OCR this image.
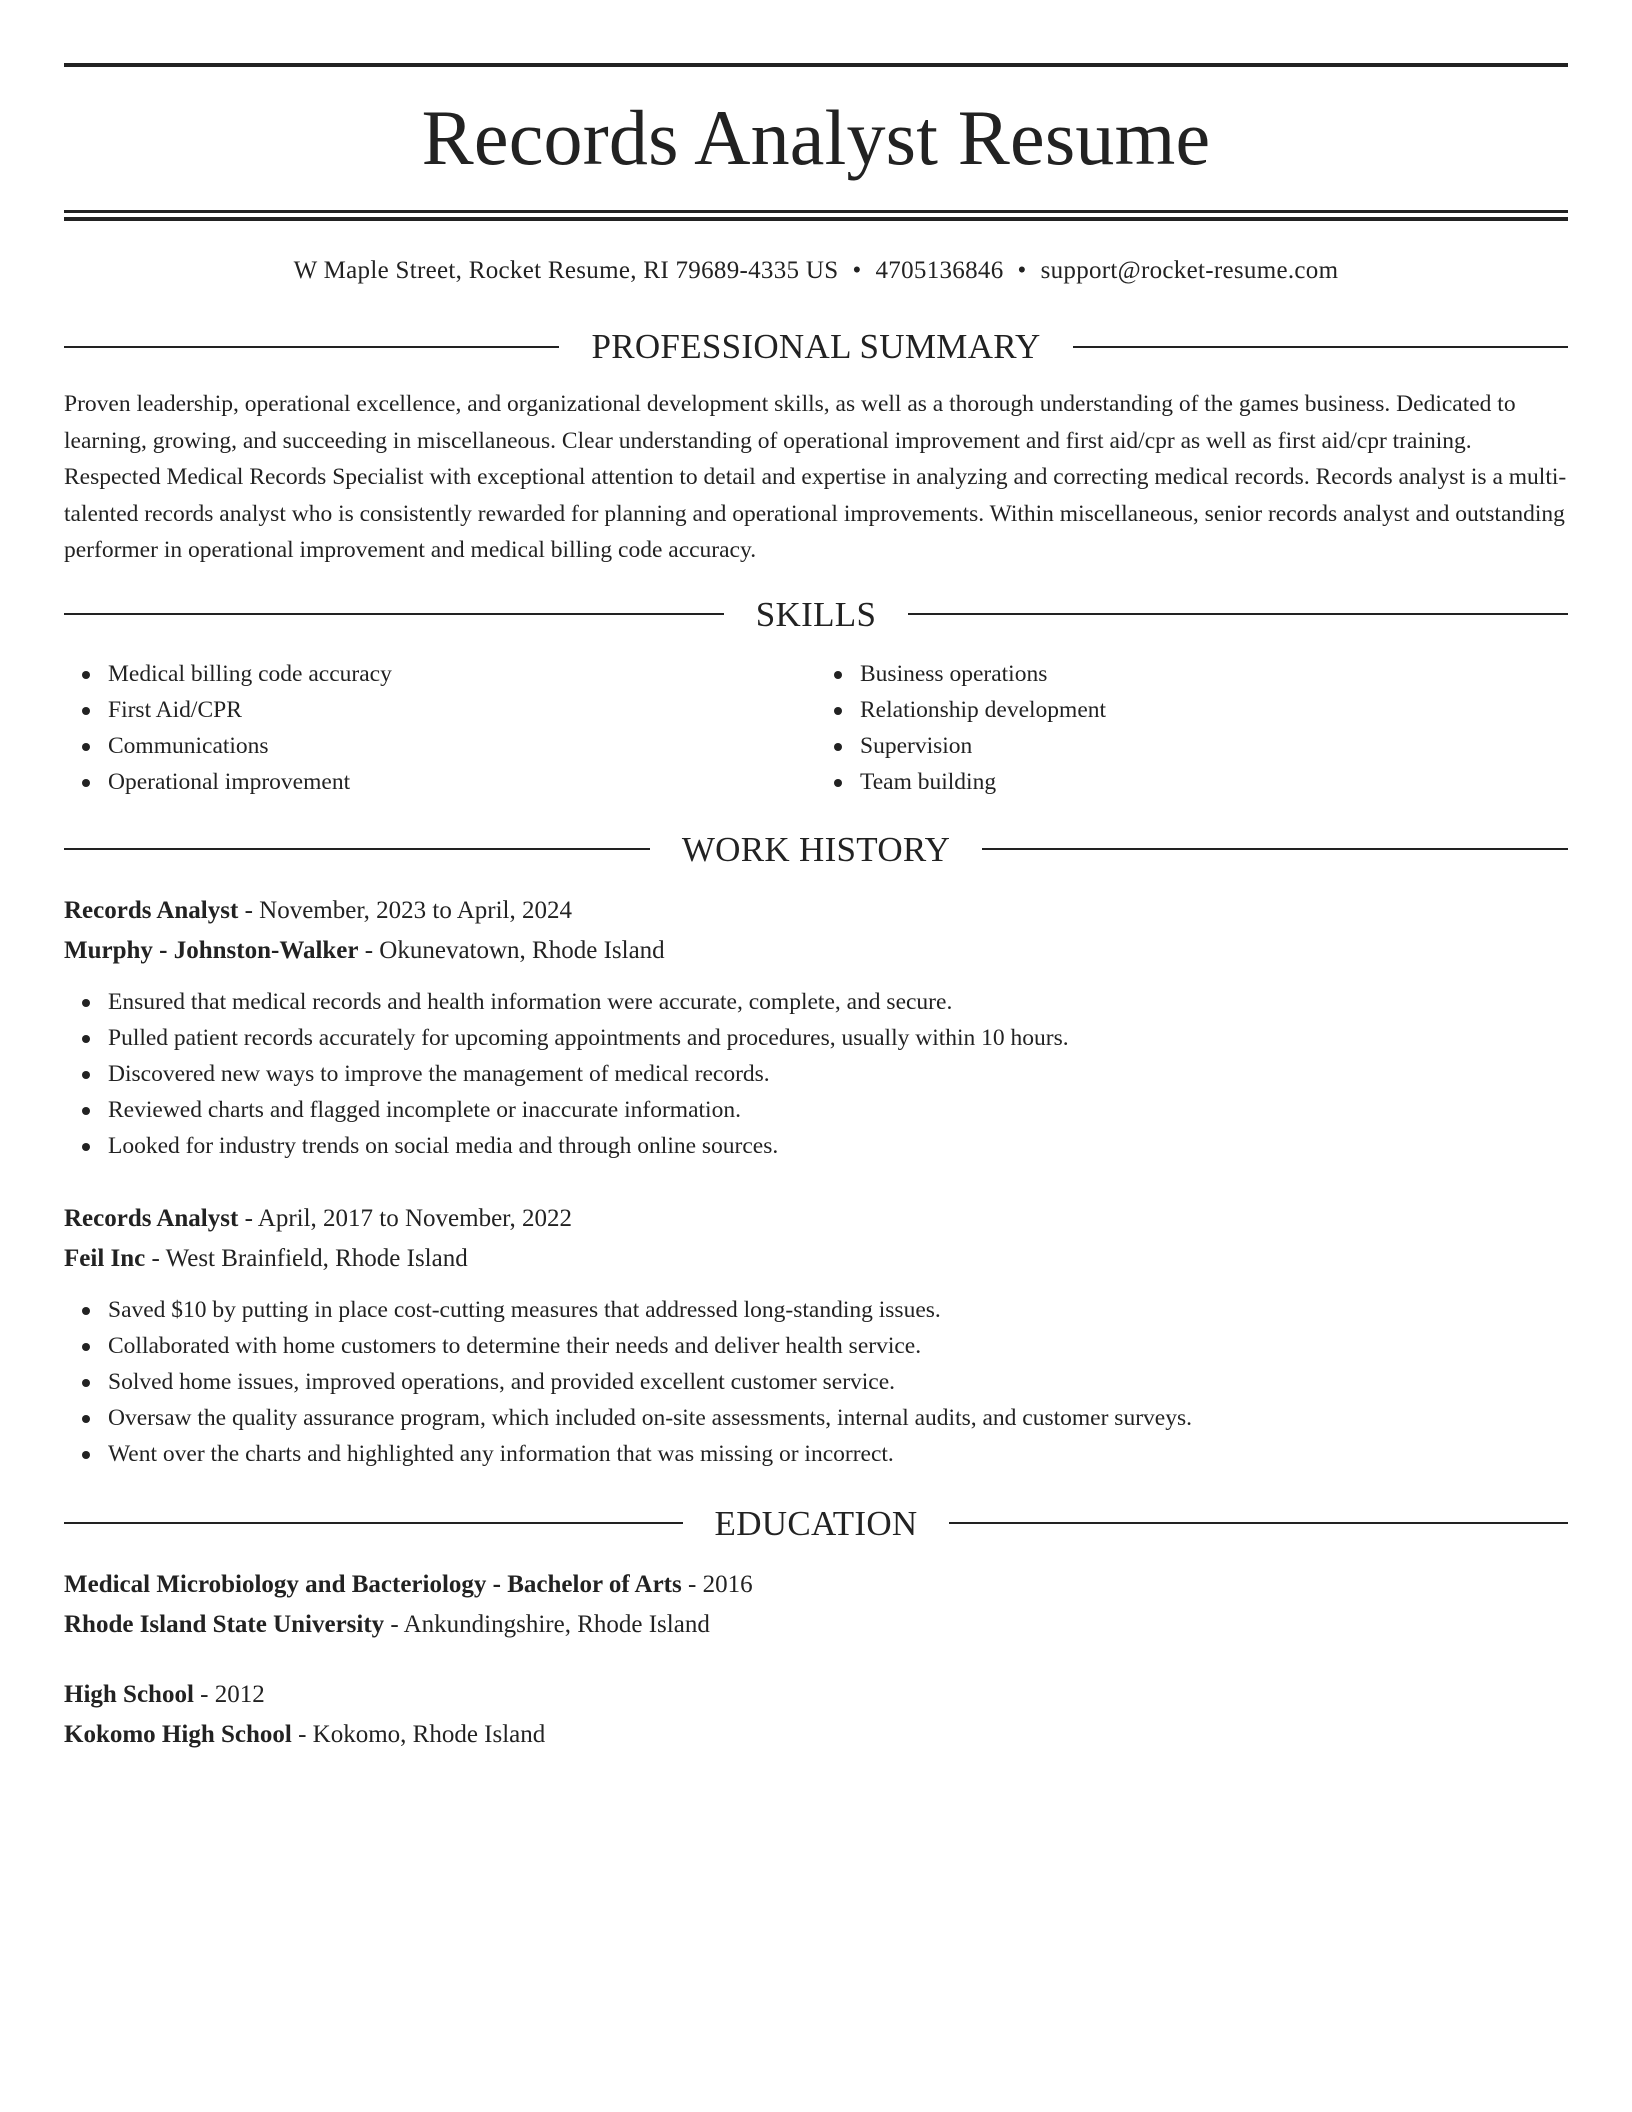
Records Analyst Resume
W Maple Street, Rocket Resume, RI 79689-4335 US • 4705136846 • support@rocket-resume.com
PROFESSIONAL SUMMARY

Proven leadership, operational excellence, and organizational development skills, as well as a thorough understanding of the games business. Dedicated to learning, growing, and succeeding in miscellaneous. Clear understanding of operational improvement and first aid/cpr as well as first aid/cpr training. Respected Medical Records Specialist with exceptional attention to detail and expertise in analyzing and correcting medical records. Records analyst is a multi-talented records analyst who is consistently rewarded for planning and operational improvements. Within miscellaneous, senior records analyst and outstanding performer in operational improvement and medical billing code accuracy.

SKILLS
Medical billing code accuracy
First Aid/CPR
Communications
Operational improvement
Business operations
Relationship development
Supervision
Team building
WORK HISTORY
Records Analyst - November, 2023 to April, 2024
Murphy - Johnston-Walker - Okunevatown, Rhode Island
Ensured that medical records and health information were accurate, complete, and secure.
Pulled patient records accurately for upcoming appointments and procedures, usually within 10 hours.
Discovered new ways to improve the management of medical records.
Reviewed charts and flagged incomplete or inaccurate information.
Looked for industry trends on social media and through online sources.
Records Analyst - April, 2017 to November, 2022
Feil Inc - West Brainfield, Rhode Island
Saved $10 by putting in place cost-cutting measures that addressed long-standing issues.
Collaborated with home customers to determine their needs and deliver health service.
Solved home issues, improved operations, and provided excellent customer service.
Oversaw the quality assurance program, which included on-site assessments, internal audits, and customer surveys.
Went over the charts and highlighted any information that was missing or incorrect.
EDUCATION
Medical Microbiology and Bacteriology - Bachelor of Arts - 2016
Rhode Island State University - Ankundingshire, Rhode Island
High School - 2012
Kokomo High School - Kokomo, Rhode Island
